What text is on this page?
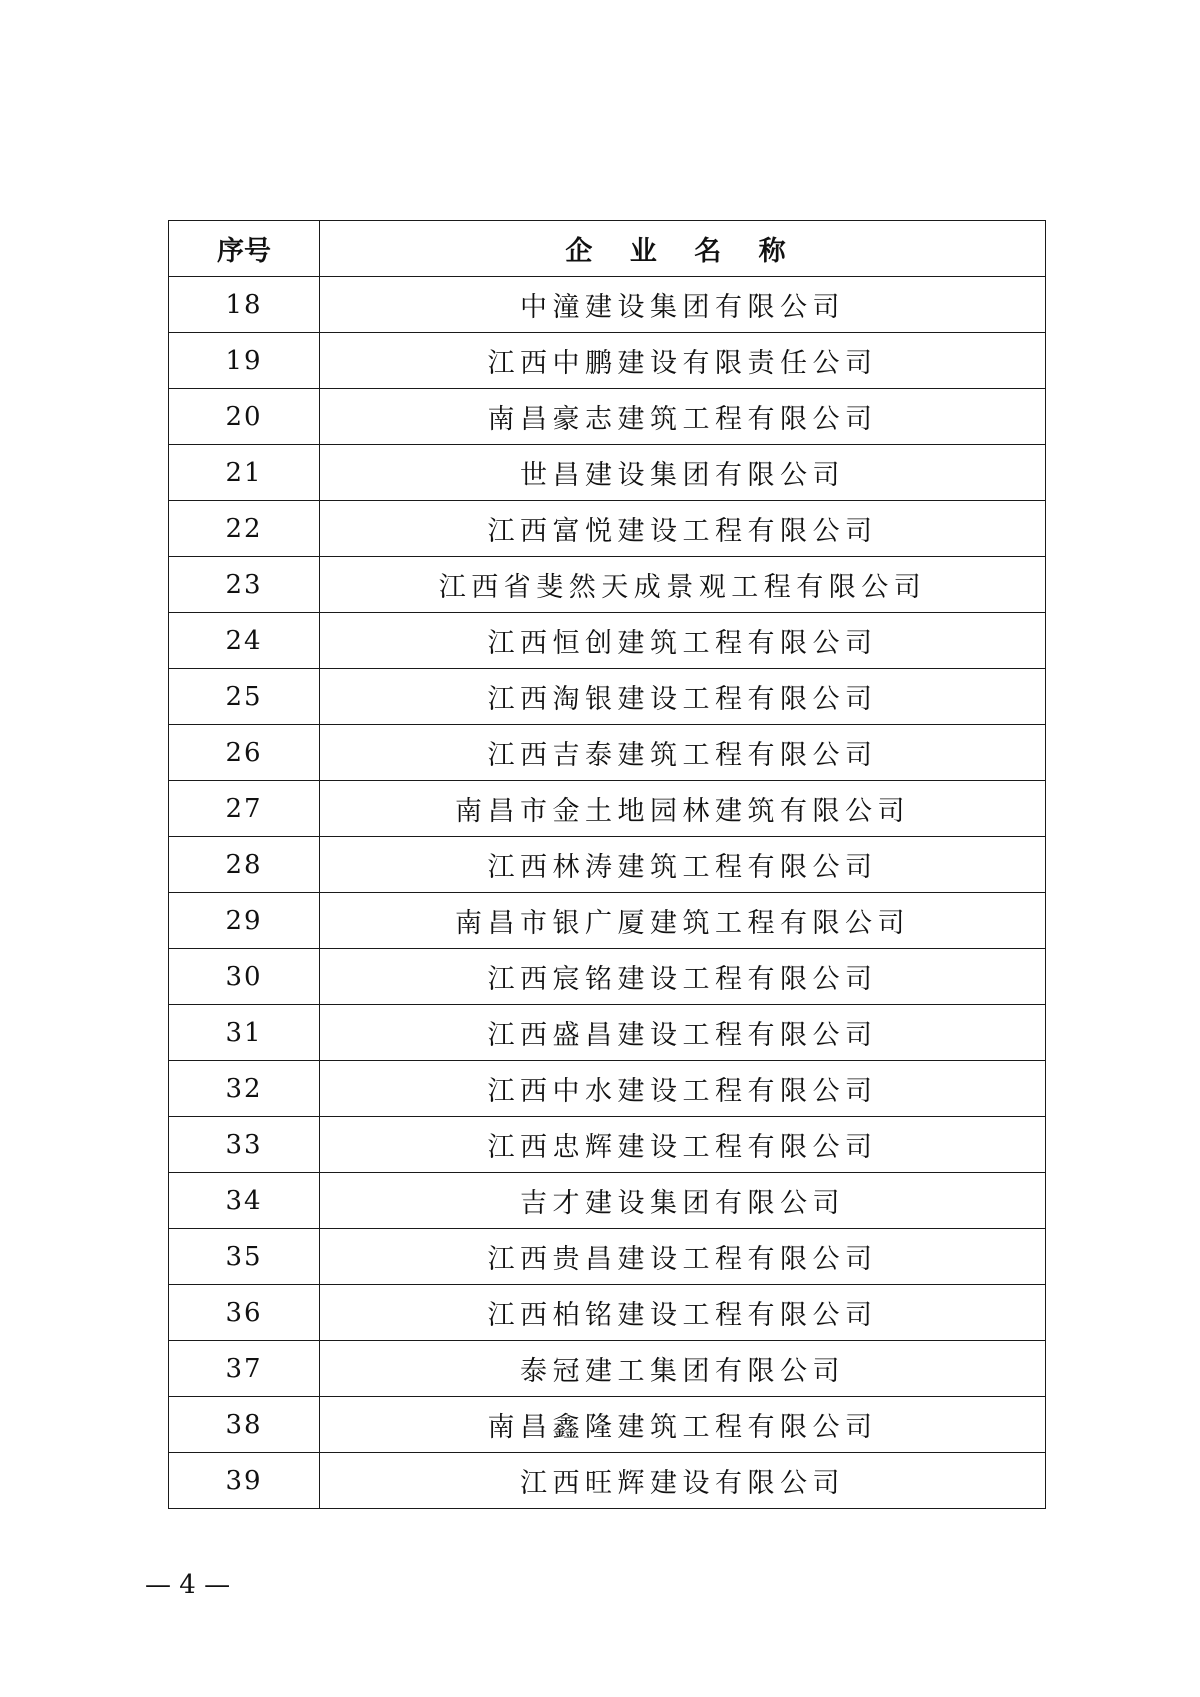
序号	企 业 名 称
18	中潼建设集团有限公司
19	江西中鹏建设有限责任公司
20	南昌豪志建筑工程有限公司
21	世昌建设集团有限公司
22	江西富悦建设工程有限公司
23	江西省斐然天成景观工程有限公司
24	江西恒创建筑工程有限公司
25	江西淘银建设工程有限公司
26	江西吉泰建筑工程有限公司
27	南昌市金土地园林建筑有限公司
28	江西林涛建筑工程有限公司
29	南昌市银广厦建筑工程有限公司
30	江西宸铭建设工程有限公司
31	江西盛昌建设工程有限公司
32	江西中水建设工程有限公司
33	江西忠辉建设工程有限公司
34	吉才建设集团有限公司
35	江西贵昌建设工程有限公司
36	江西柏铭建设工程有限公司
37	泰冠建工集团有限公司
38	南昌鑫隆建筑工程有限公司
39	江西旺辉建设有限公司
— 4 —
